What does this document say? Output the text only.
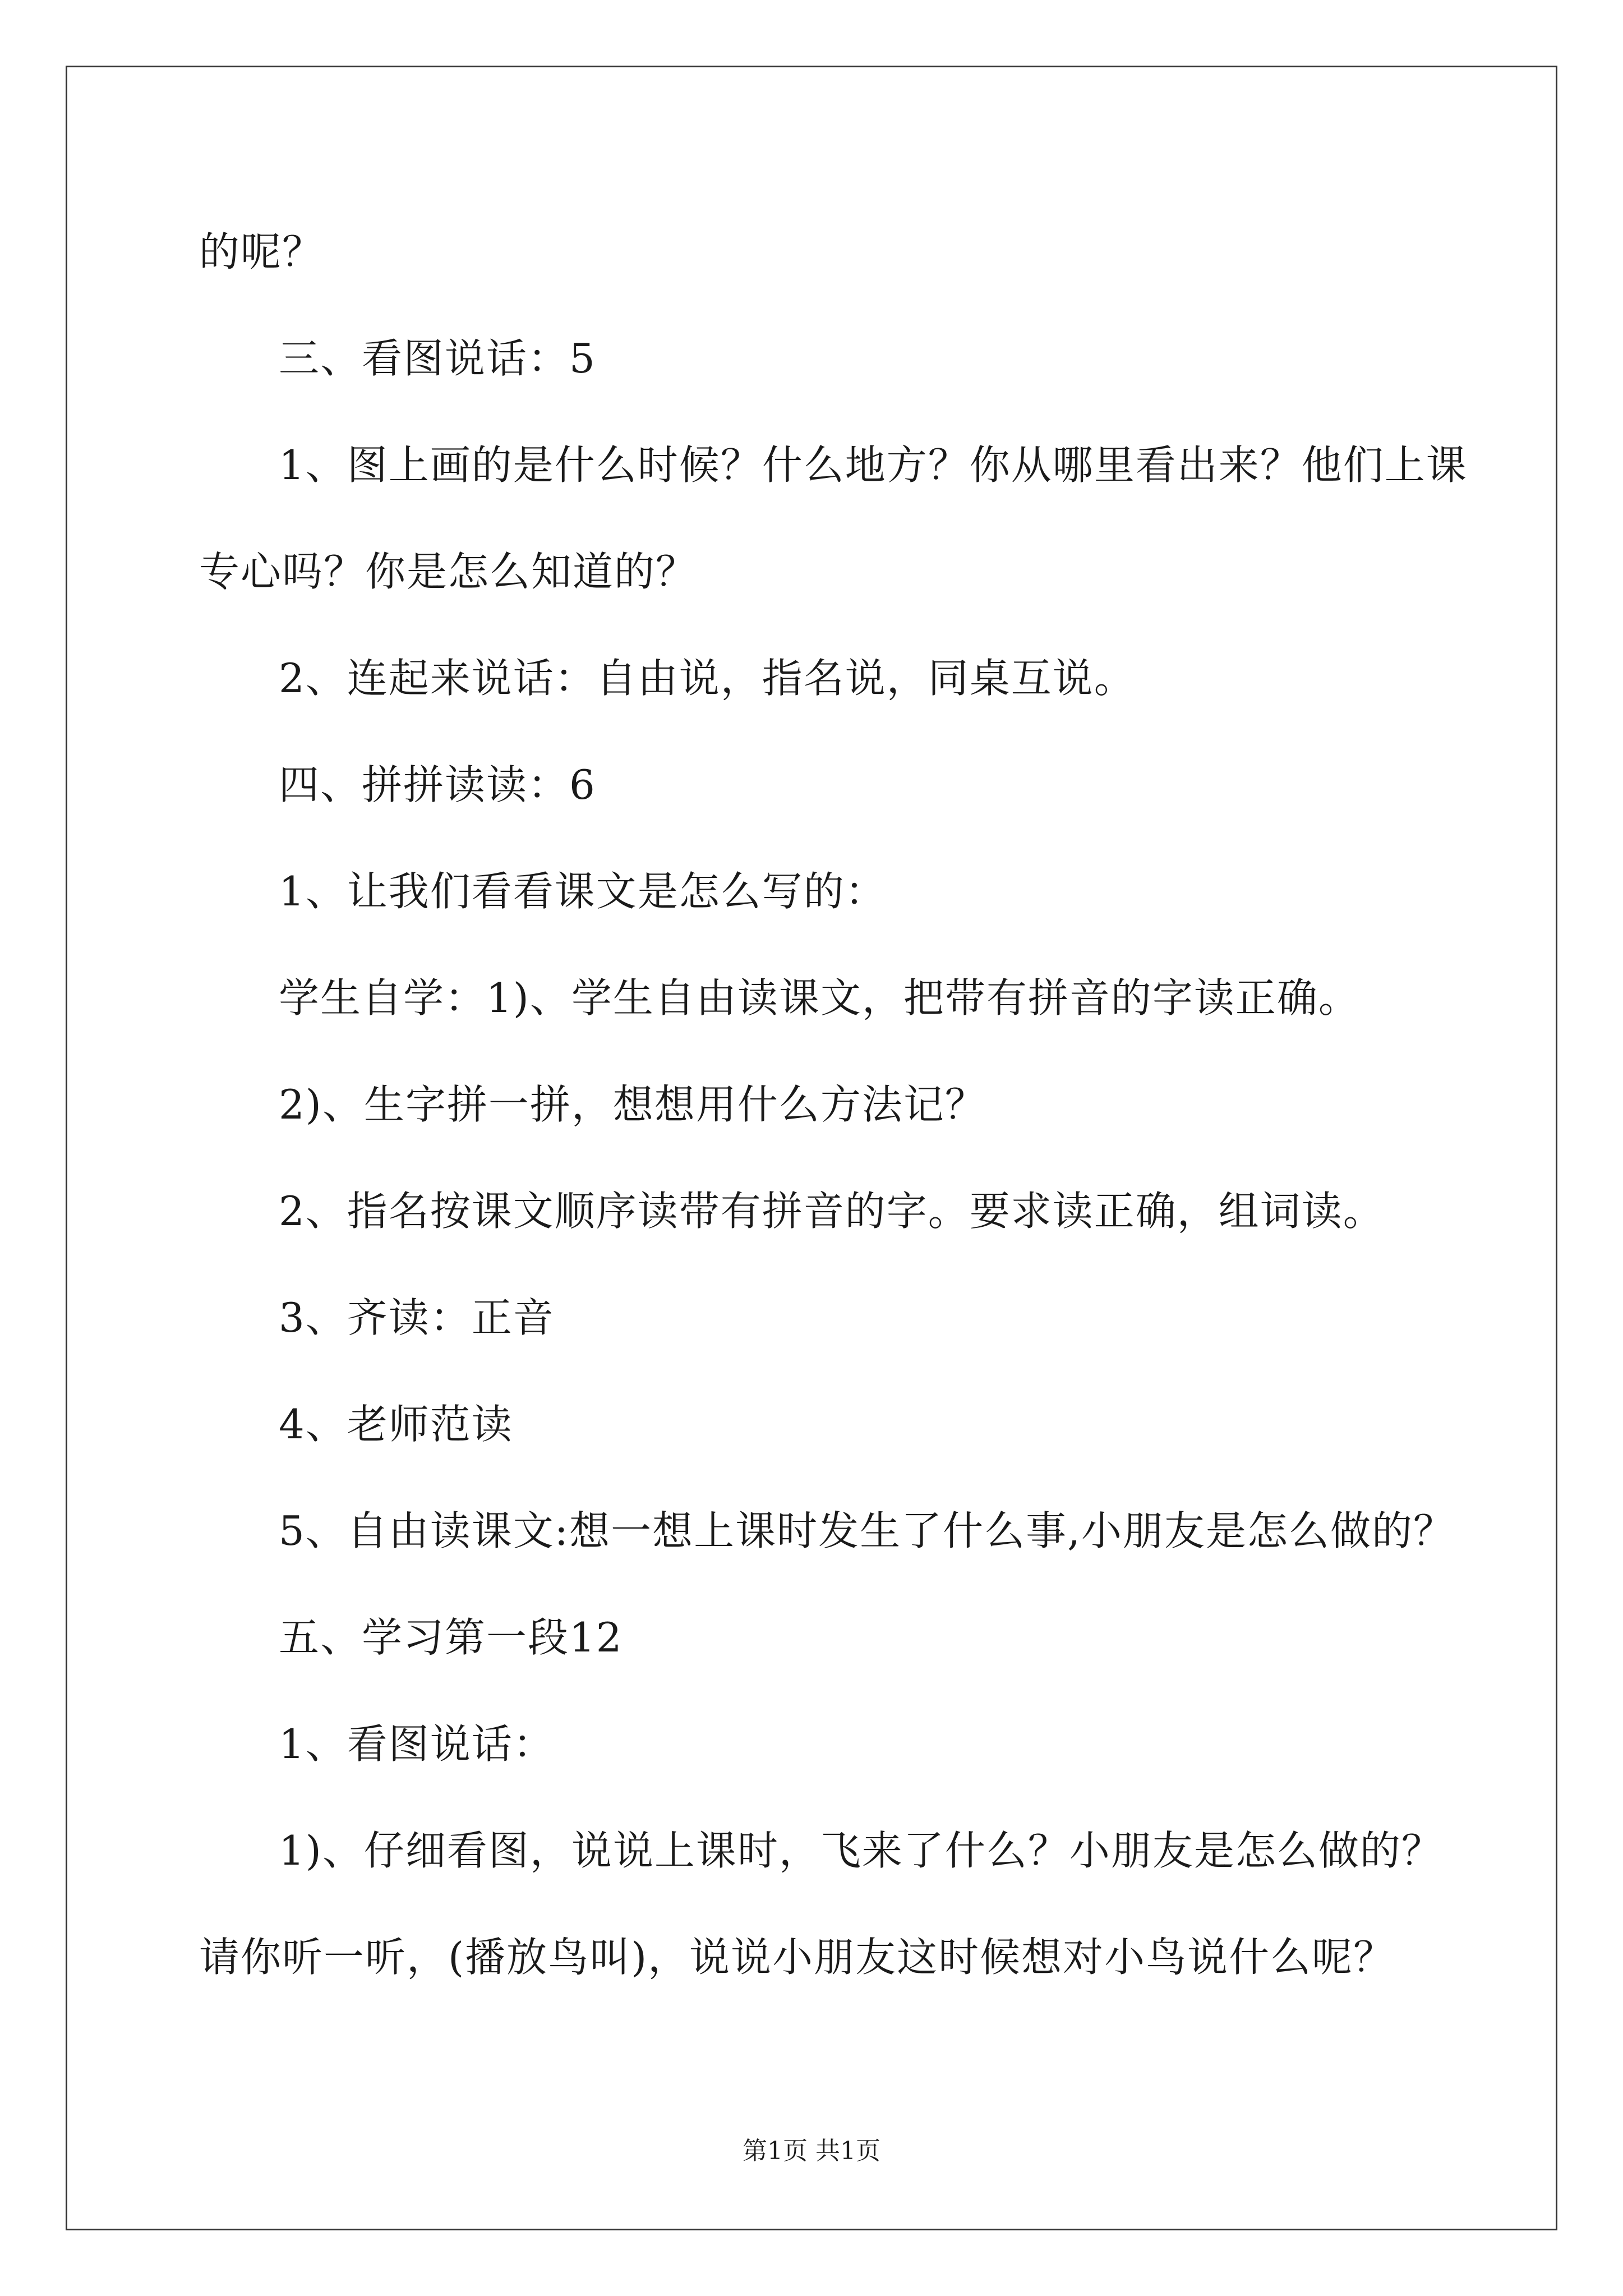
的呢？
三、看图说话：5
1、图上画的是什么时候？什么地方？你从哪里看出来？他们上课
专心吗？你是怎么知道的？
2、连起来说话：自由说，指名说，同桌互说。
四、拼拼读读：6
1、让我们看看课文是怎么写的：
学生自学：1)、学生自由读课文，把带有拼音的字读正确。
2)、生字拼一拼，想想用什么方法记？
2、指名按课文顺序读带有拼音的字。要求读正确，组词读。
3、齐读：正音
4、老师范读
5、自由读课文:想一想上课时发生了什么事,小朋友是怎么做的？
五、学习第一段12
1、看图说话：
1)、仔细看图，说说上课时，飞来了什么？小朋友是怎么做的？
请你听一听，(播放鸟叫)，说说小朋友这时候想对小鸟说什么呢？
第1页 共1页
